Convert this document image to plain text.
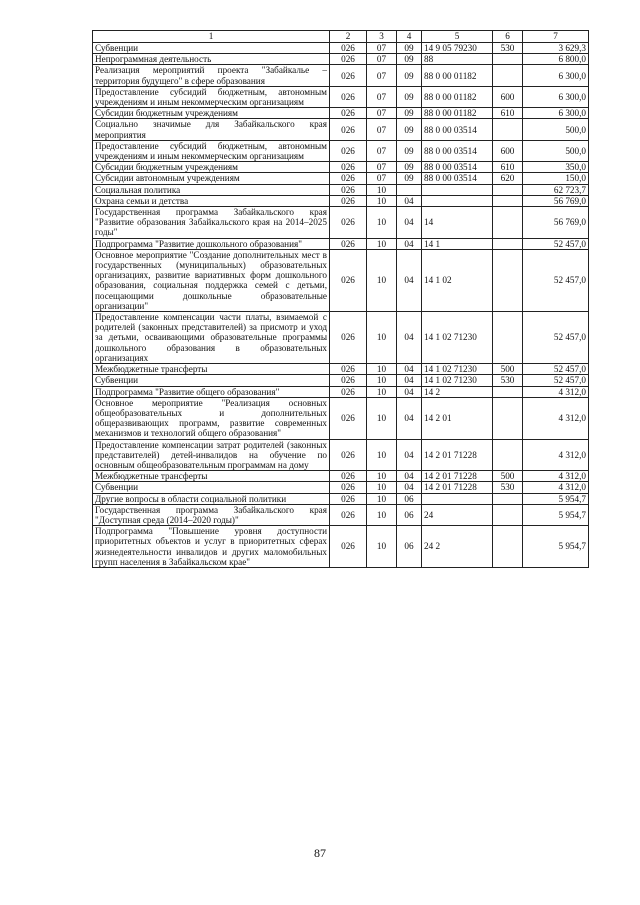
1	2	3	4	5	6	7
Субвенции	026	07	09	14 9 05 79230	530	3 629,3
Непрограммная деятельность	026	07	09	88		6 800,0
Реализация мероприятий проекта "Забайкалье – территория будущего" в сфере образования	026	07	09	88 0 00 01182		6 300,0
Предоставление субсидий бюджетным, автономным учреждениям и иным некоммерческим организациям	026	07	09	88 0 00 01182	600	6 300,0
Субсидии бюджетным учреждениям	026	07	09	88 0 00 01182	610	6 300,0
Социально значимые для Забайкальского края мероприятия	026	07	09	88 0 00 03514		500,0
Предоставление субсидий бюджетным, автономным учреждениям и иным некоммерческим организациям	026	07	09	88 0 00 03514	600	500,0
Субсидии бюджетным учреждениям	026	07	09	88 0 00 03514	610	350,0
Субсидии автономным учреждениям	026	07	09	88 0 00 03514	620	150,0
Социальная политика	026	10				62 723,7
Охрана семьи и детства	026	10	04			56 769,0
Государственная программа Забайкальского края "Развитие образования Забайкальского края на 2014–2025 годы"	026	10	04	14		56 769,0
Подпрограмма "Развитие дошкольного образования"	026	10	04	14 1		52 457,0
Основное мероприятие "Создание дополнительных мест в государственных (муниципальных) образовательных организациях, развитие вариативных форм дошкольного образования, социальная поддержка семей с детьми, посещающими дошкольные образовательные организации"	026	10	04	14 1 02		52 457,0
Предоставление компенсации части платы, взимаемой с родителей (законных представителей) за присмотр и уход за детьми, осваивающими образовательные программы дошкольного образования в образовательных организациях	026	10	04	14 1 02 71230		52 457,0
Межбюджетные трансферты	026	10	04	14 1 02 71230	500	52 457,0
Субвенции	026	10	04	14 1 02 71230	530	52 457,0
Подпрограмма "Развитие общего образования"	026	10	04	14 2		4 312,0
Основное мероприятие "Реализация основных общеобразовательных и дополнительных общеразвивающих программ, развитие современных механизмов и технологий общего образования"	026	10	04	14 2 01		4 312,0
Предоставление компенсации затрат родителей (законных представителей) детей-инвалидов на обучение по основным общеобразовательным программам на дому	026	10	04	14 2 01 71228		4 312,0
Межбюджетные трансферты	026	10	04	14 2 01 71228	500	4 312,0
Субвенции	026	10	04	14 2 01 71228	530	4 312,0
Другие вопросы в области социальной политики	026	10	06			5 954,7
Государственная программа Забайкальского края "Доступная среда (2014–2020 годы)"	026	10	06	24		5 954,7
Подпрограмма "Повышение уровня доступности приоритетных объектов и услуг в приоритетных сферах жизнедеятельности инвалидов и других маломобильных групп населения в Забайкальском крае"	026	10	06	24 2		5 954,7
87
